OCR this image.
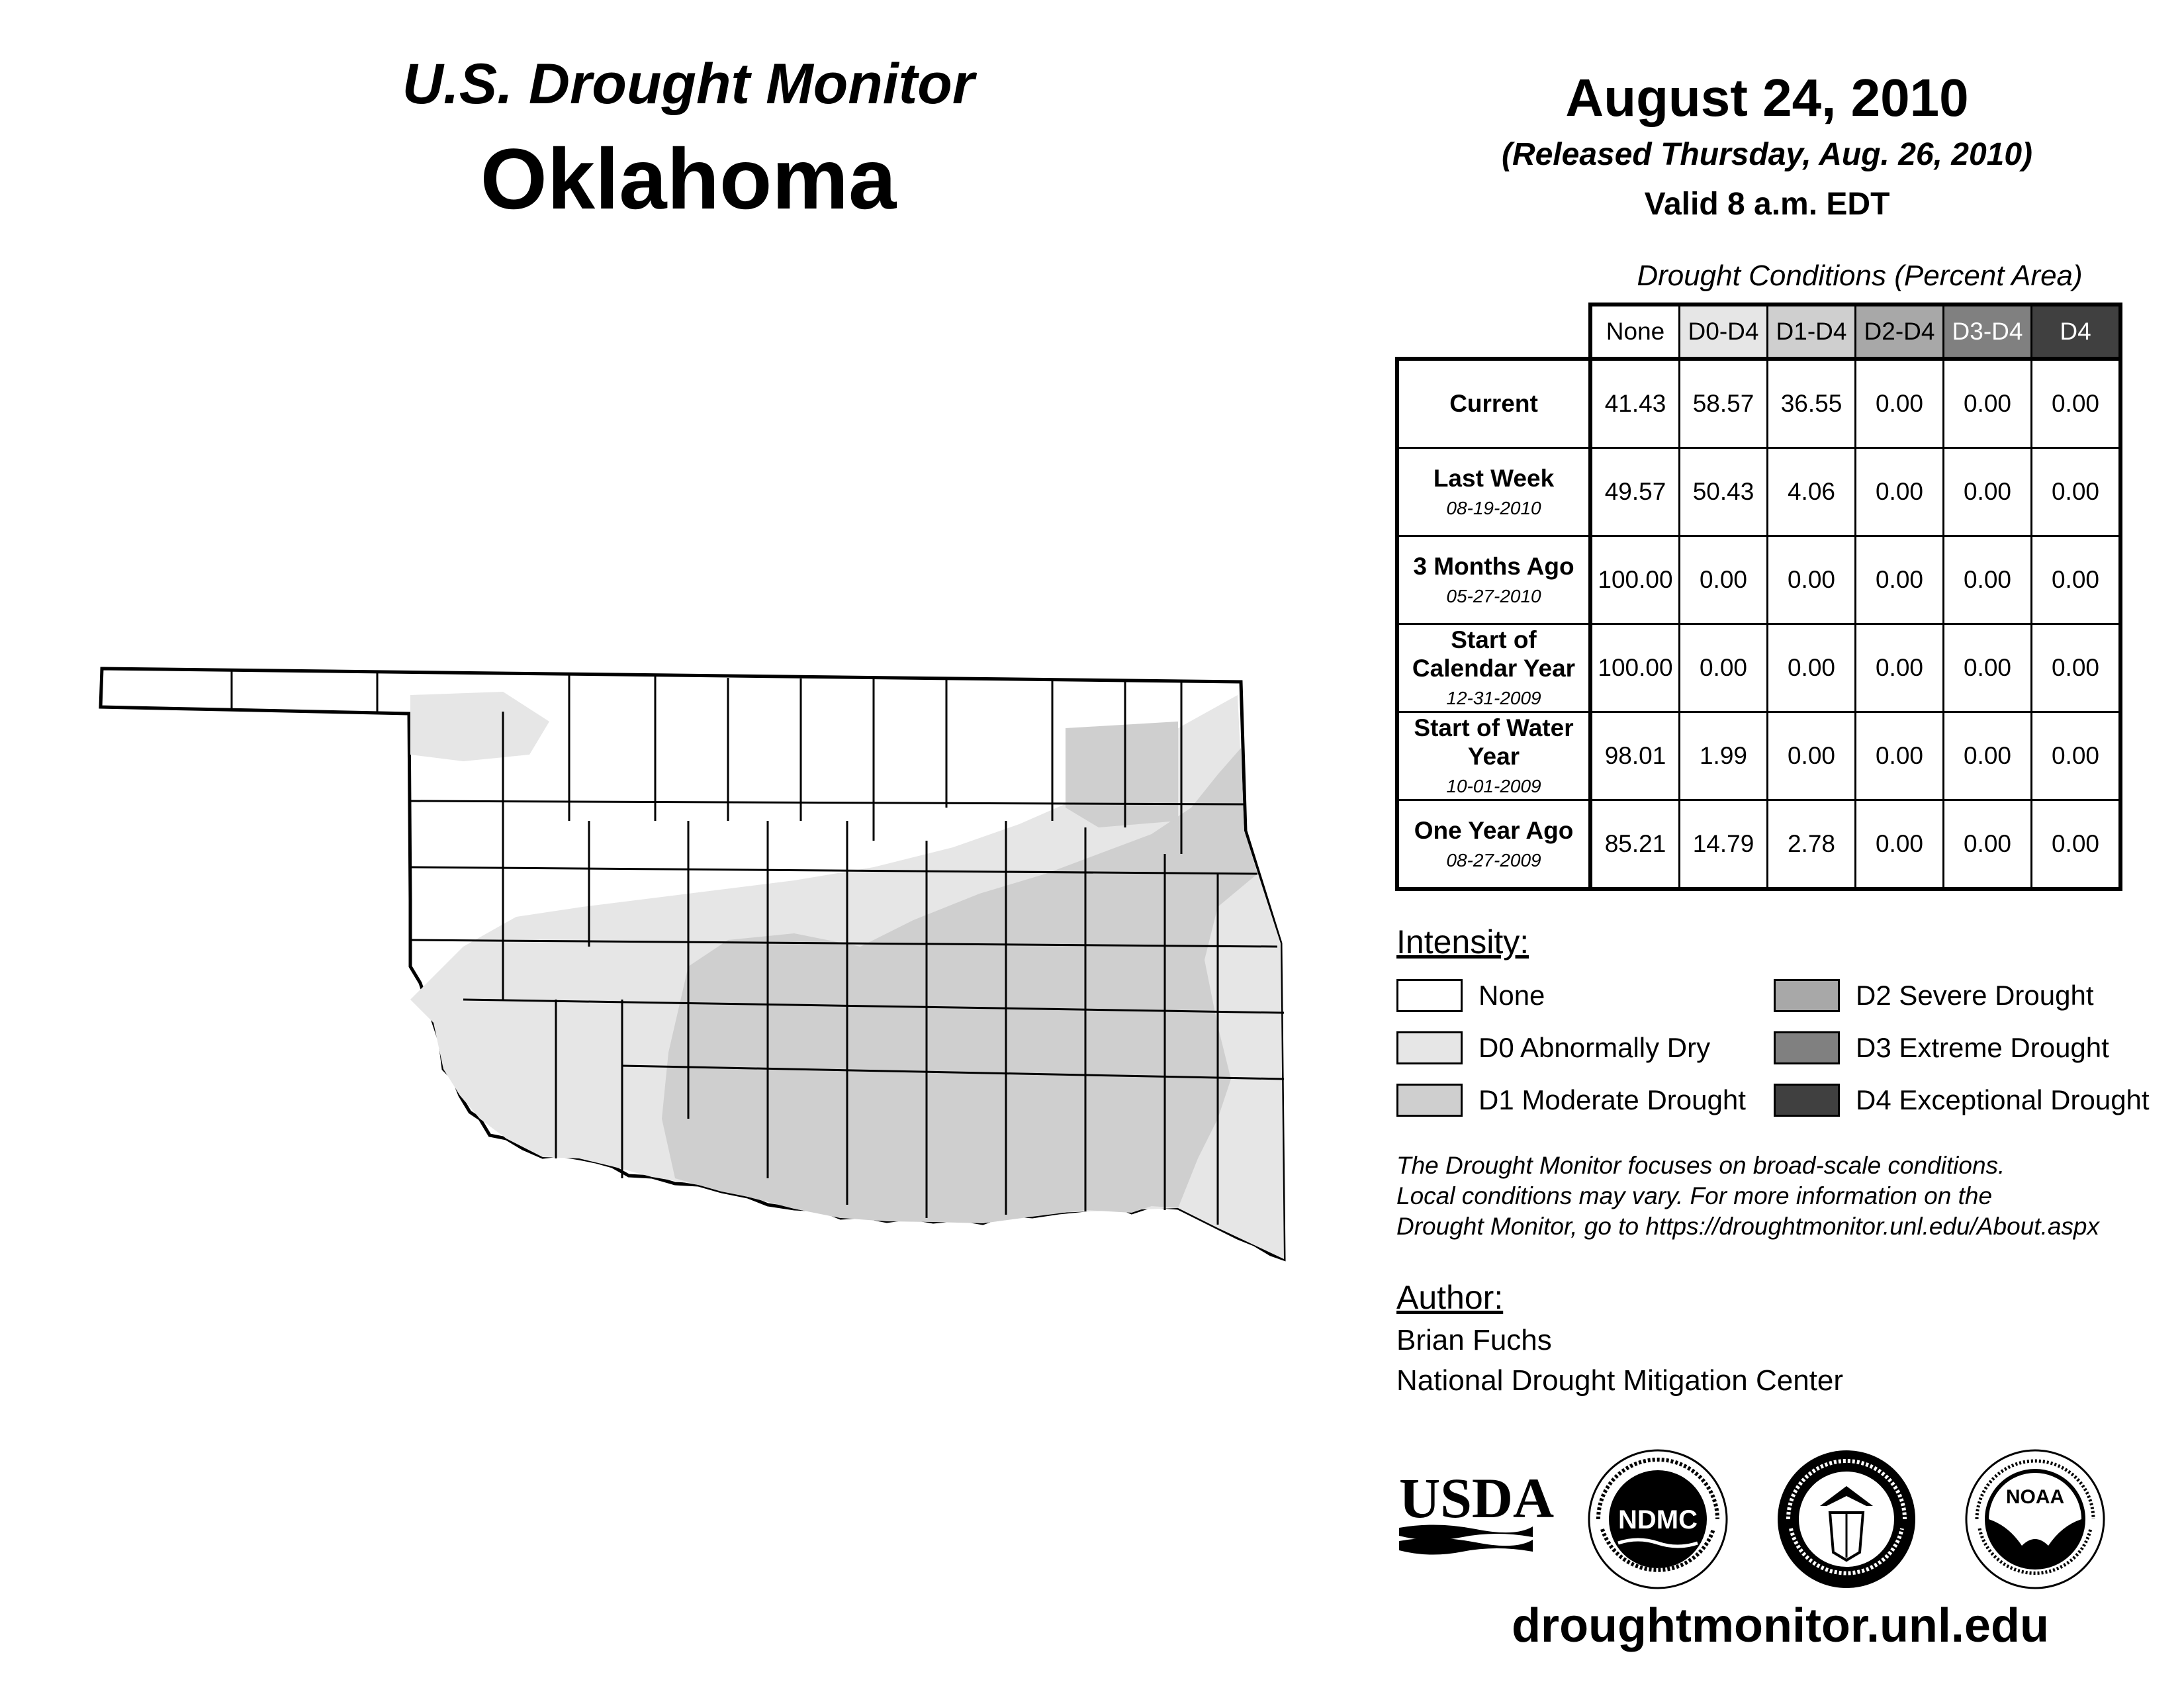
U.S. Drought Monitor
Oklahoma
August 24, 2010
(Released Thursday, Aug. 26, 2010)
Valid 8 a.m. EDT
Drought Conditions (Percent Area)
	None	D0-D4	D1-D4	D2-D4	D3-D4	D4
Current	41.43	58.57	36.55	0.00	0.00	0.00
Last Week
08-19-2010	49.57	50.43	4.06	0.00	0.00	0.00
3 Months Ago
05-27-2010	100.00	0.00	0.00	0.00	0.00	0.00
Start of Calendar Year
12-31-2009	100.00	0.00	0.00	0.00	0.00	0.00
Start of Water Year
10-01-2009	98.01	1.99	0.00	0.00	0.00	0.00
One Year Ago
08-27-2009	85.21	14.79	2.78	0.00	0.00	0.00
Intensity:
None
D0 Abnormally Dry
D1 Moderate Drought
D2 Severe Drought
D3 Extreme Drought
D4 Exceptional Drought
The Drought Monitor focuses on broad-scale conditions.
Local conditions may vary. For more information on the
Drought Monitor, go to https://droughtmonitor.unl.edu/About.aspx
Author:
Brian Fuchs
National Drought Mitigation Center
USDA NDMC
NOAA
droughtmonitor.unl.edu
